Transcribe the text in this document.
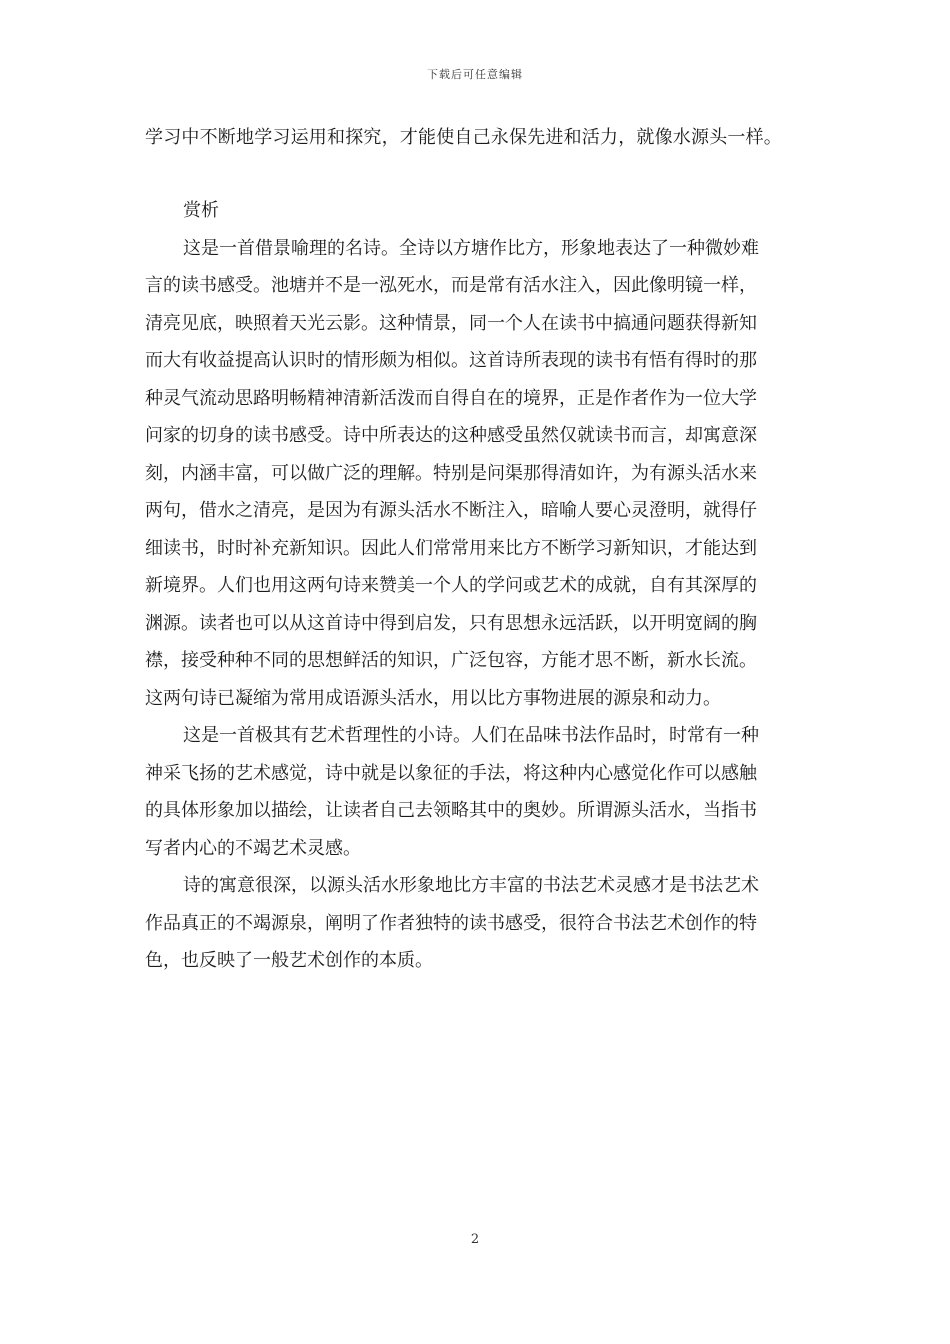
下载后可任意编辑
学习中不断地学习运用和探究，才能使自己永保先进和活力，就像水源头一样。
赏析
这是一首借景喻理的名诗。全诗以方塘作比方，形象地表达了一种微妙难
言的读书感受。池塘并不是一泓死水，而是常有活水注入，因此像明镜一样，
清亮见底，映照着天光云影。这种情景，同一个人在读书中搞通问题获得新知
而大有收益提高认识时的情形颇为相似。这首诗所表现的读书有悟有得时的那
种灵气流动思路明畅精神清新活泼而自得自在的境界，正是作者作为一位大学
问家的切身的读书感受。诗中所表达的这种感受虽然仅就读书而言，却寓意深
刻，内涵丰富，可以做广泛的理解。特别是问渠那得清如许，为有源头活水来
两句，借水之清亮，是因为有源头活水不断注入，暗喻人要心灵澄明，就得仔
细读书，时时补充新知识。因此人们常常用来比方不断学习新知识，才能达到
新境界。人们也用这两句诗来赞美一个人的学问或艺术的成就，自有其深厚的
渊源。读者也可以从这首诗中得到启发，只有思想永远活跃，以开明宽阔的胸
襟，接受种种不同的思想鲜活的知识，广泛包容，方能才思不断，新水长流。
这两句诗已凝缩为常用成语源头活水，用以比方事物进展的源泉和动力。
这是一首极其有艺术哲理性的小诗。人们在品味书法作品时，时常有一种
神采飞扬的艺术感觉，诗中就是以象征的手法，将这种内心感觉化作可以感触
的具体形象加以描绘，让读者自己去领略其中的奥妙。所谓源头活水，当指书
写者内心的不竭艺术灵感。
诗的寓意很深，以源头活水形象地比方丰富的书法艺术灵感才是书法艺术
作品真正的不竭源泉，阐明了作者独特的读书感受，很符合书法艺术创作的特
色，也反映了一般艺术创作的本质。
2
